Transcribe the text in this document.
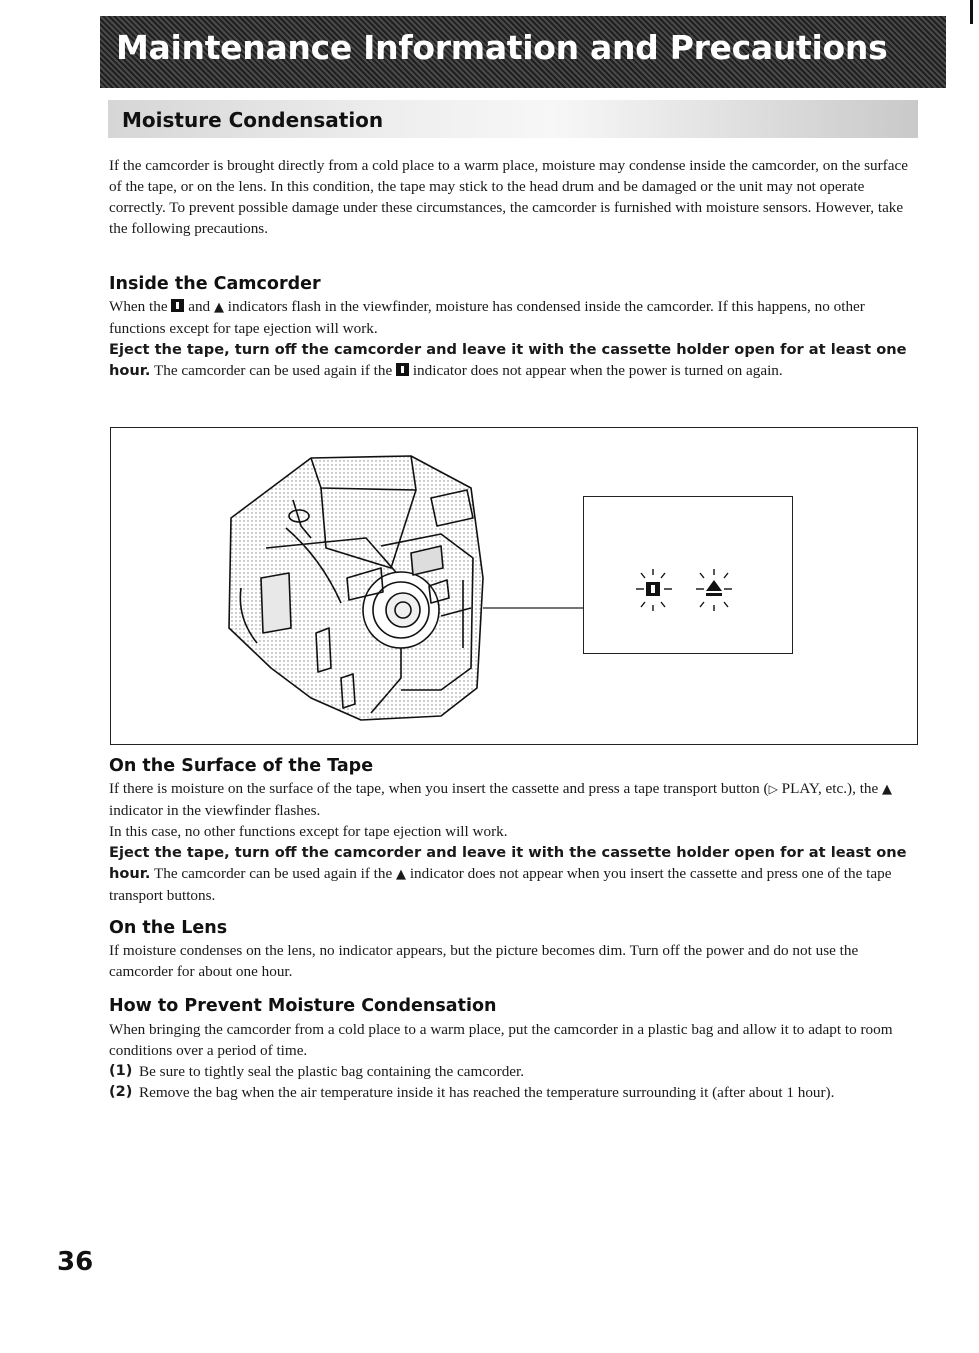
Maintenance Information and Precautions
Moisture Condensation

If the camcorder is brought directly from a cold place to a warm place, moisture may condense inside the camcorder, on the surface of the tape, or on the lens. In this condition, the tape may stick to the head drum and be damaged or the unit may not operate correctly. To prevent possible damage under these circumstances, the camcorder is furnished with moisture sensors. However, take the following precautions.

Inside the Camcorder

When the  and ▲ indicators flash in the viewfinder, moisture has condensed inside the camcorder. If this happens, no other functions except for tape ejection will work.
Eject the tape, turn off the camcorder and leave it with the cassette holder open for at least one hour. The camcorder can be used again if the  indicator does not appear when the power is turned on again.

On the Surface of the Tape

If there is moisture on the surface of the tape, when you insert the cassette and press a tape transport button (▷ PLAY, etc.), the ▲ indicator in the viewfinder flashes.
In this case, no other functions except for tape ejection will work.
Eject the tape, turn off the camcorder and leave it with the cassette holder open for at least one hour. The camcorder can be used again if the ▲ indicator does not appear when you insert the cassette and press one of the tape transport buttons.

On the Lens

If moisture condenses on the lens, no indicator appears, but the picture becomes dim. Turn off the power and do not use the camcorder for about one hour.

How to Prevent Moisture Condensation

When bringing the camcorder from a cold place to a warm place, put the camcorder in a plastic bag and allow it to adapt to room conditions over a period of time.

(1) Be sure to tightly seal the plastic bag containing the camcorder.
(2) Remove the bag when the air temperature inside it has reached the temperature surrounding it (after about 1 hour).

36
